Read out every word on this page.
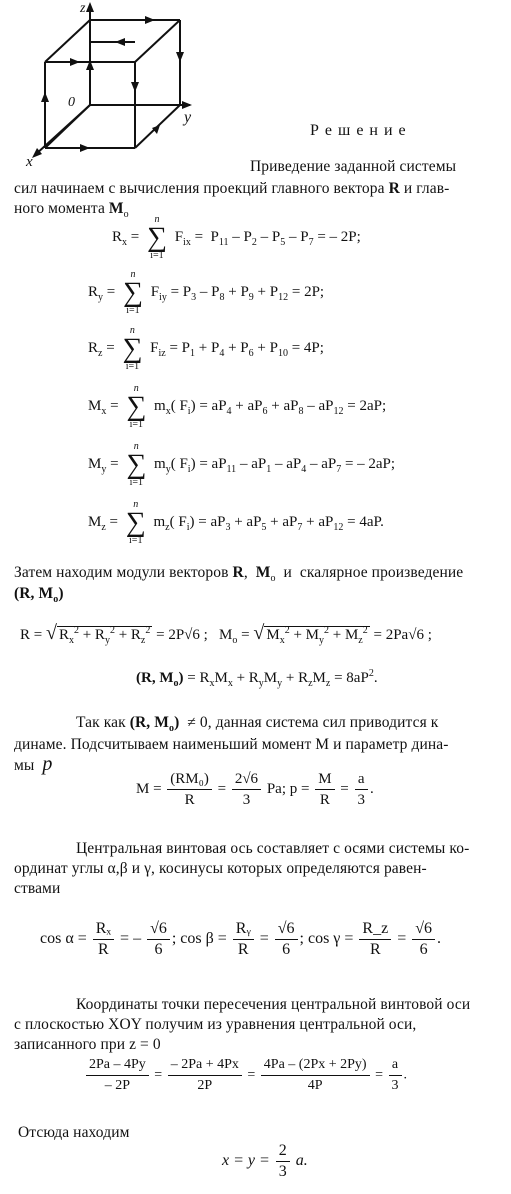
z
y
x
0
Р е ш е н и е
Приведение заданной системы
сил начинаем с вычисления проекций главного вектора R и глав-
ного момента $M_o$
$R_x$ =
n
∑
i=1
$F_{ix} = P_{11} - P_2 - P_5 - P_7$ = – 2P;
$R_y$ =
n
∑
i=1
$F_{iy} = P_3 - P_8 + P_9 + P_{12} = 2P$;
$R_z$ =
n
∑
i=1
$F_{iz} = P_1 + P_4 + P_6 + P_{10} = 4P$;
$M_x$ =
n
∑
i=1
$m_x$( $F_i) = aP_4 + aP_6 + aP_8 - aP_{12} = 2aP$;
$M_y$ =
n
∑
i=1
$m_y$( $F_i) = aP_{11} - aP_1 - aP_4 - aP_7$ = – 2aP;
$M_z$ =
n
∑
i=1
$m_z$( $F_i) = aP_3 + aP_5 + aP_7 + aP_{12} = 4aP$.
Затем находим модули векторов R,  $M_o$  и  скалярное произведение
(R, $M_o$)
R = √ $R_x^2 + R_y^2 + R_z^2 = 2P√6$ ;   $M_o$ = √ $M_x^2 + M_y^2 + M_z^2 = 2Pa√6$ ;
(R, $M_o) = R_xM_x + R_yM_y + R_zM_z = 8aP^2$.
Так как (R, $M_o) \ne 0$, данная система сил приводится к
динаме. Подсчитываем наименьший момент M и параметр дина-
мы  p
$M = \frac{\text{(RM₀)}}{R} = \frac{2√6}{3} Pa$; $p = \frac{M}{R} = \frac{a}{3}$ .
Центральная винтовая ось составляет с осями системы ко-
ординат углы α,β и γ, косинусы которых определяются равен-
ствами
$\cos \alpha = \frac{\text{Rₓ}}{R}$ = – $\frac{√6}{6}$ ; $\cos \beta = \frac{\text{Rᵧ}}{R} = \frac{√6}{6}$ ; $\cos \gamma = \frac{R\_z}{R} = \frac{√6}{6}$ .
Координаты точки пересечения центральной винтовой оси
с плоскостью XOY получим из уравнения центральной оси,
записанного при z = 0
$\frac{2Pa - 4Py}{- 2P} = \frac{- 2Pa + 4Px}{2P} = \frac{4Pa - (2Px + 2Py)}{4P} = \frac{a}{3}$ .
Отсюда находим
$x = y = \frac{2}{3} a$.
